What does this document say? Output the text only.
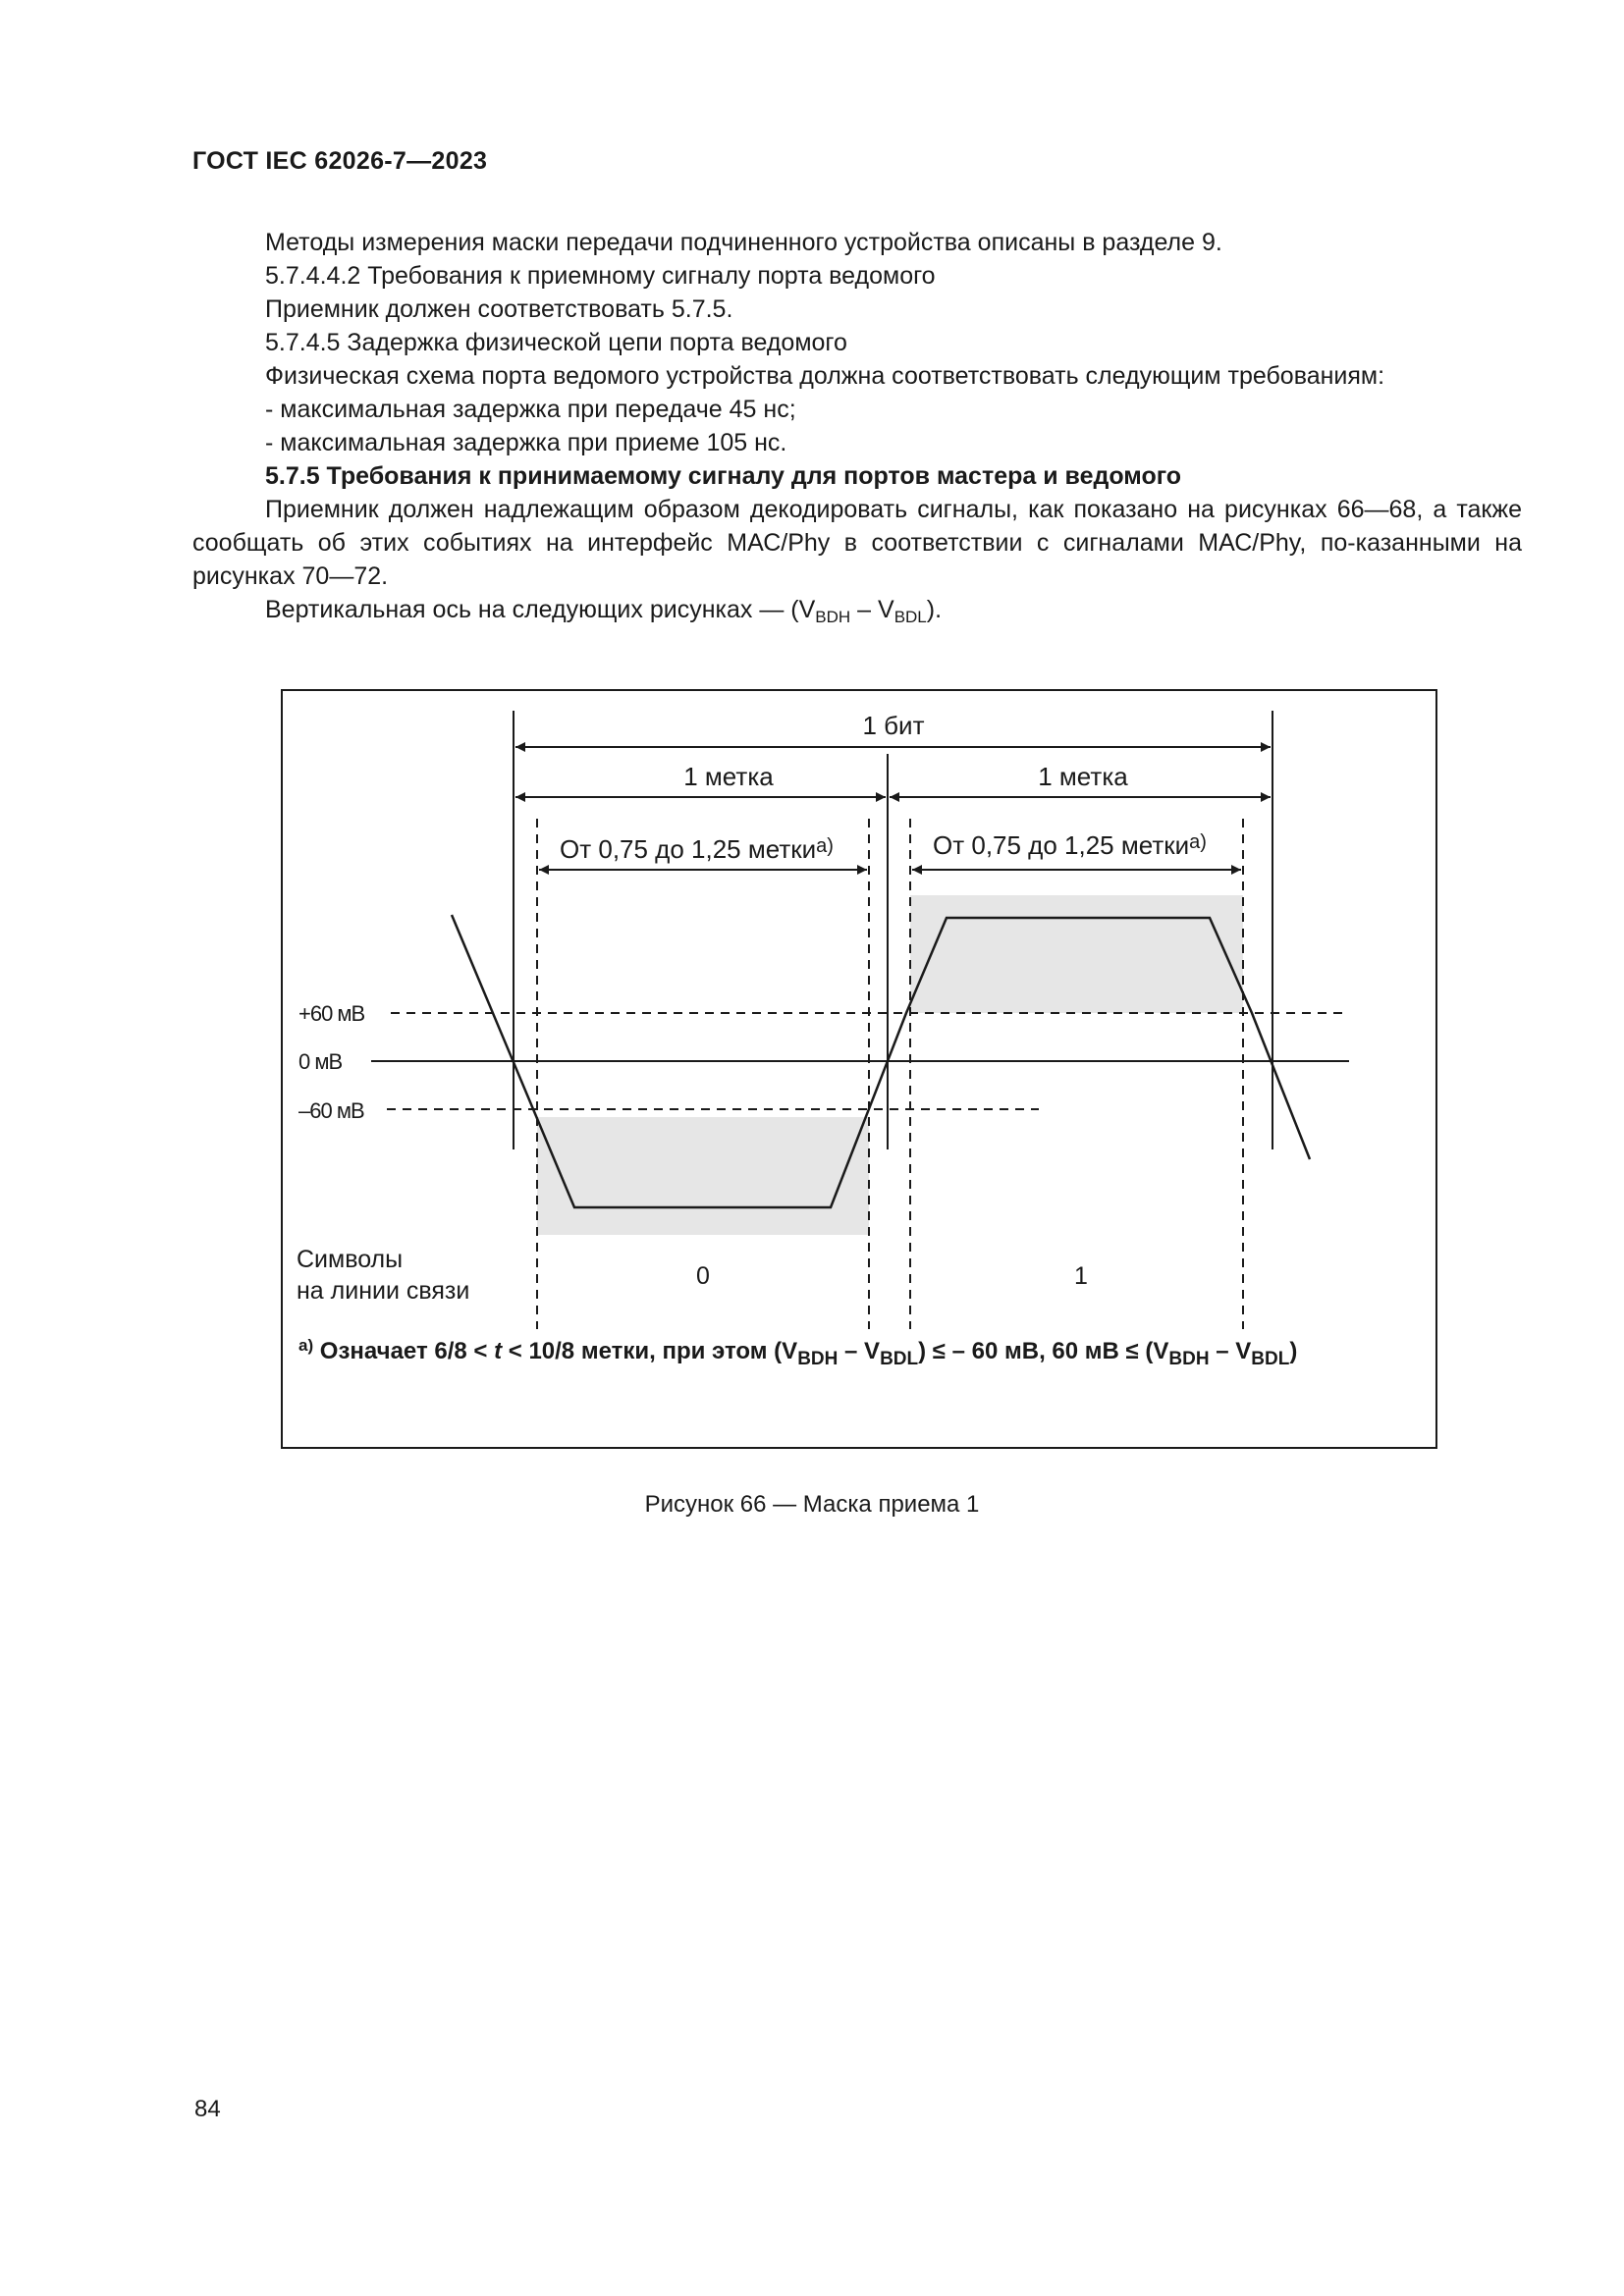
ГОСТ IEC 62026-7—2023

Методы измерения маски передачи подчиненного устройства описаны в разделе 9.

5.7.4.4.2 Требования к приемному сигналу порта ведомого

Приемник должен соответствовать 5.7.5.

5.7.4.5 Задержка физической цепи порта ведомого

Физическая схема порта ведомого устройства должна соответствовать следующим требованиям:

- максимальная задержка при передаче 45 нс;

- максимальная задержка при приеме 105 нс.

5.7.5 Требования к принимаемому сигналу для портов мастера и ведомого

Приемник должен надлежащим образом декодировать сигналы, как показано на рисунках 66—68, а также сообщать об этих событиях на интерфейс МАС/Phy в соответствии с сигналами МАС/Phy, по-казанными на рисунках 70—72.

Вертикальная ось на следующих рисунках — $(V_{BDH} - V_{BDL})$.

1 бит
1 метка	1 метка
От 0,75 до 1,25 метки$^{а)}$	От 0,75 до 1,25 метки$^{а)}$
+60 мВ
0 мВ
–60 мВ
Символы
на линии связи
0	1
$^{а)}$ Означает 6/8 < t < 10/8 метки, при этом $(V_{BDH} - V_{BDL})$ ≤ – 60 мВ, 60 мВ ≤ $(V_{BDH} - V_{BDL})$
Рисунок 66 — Маска приема 1
84
